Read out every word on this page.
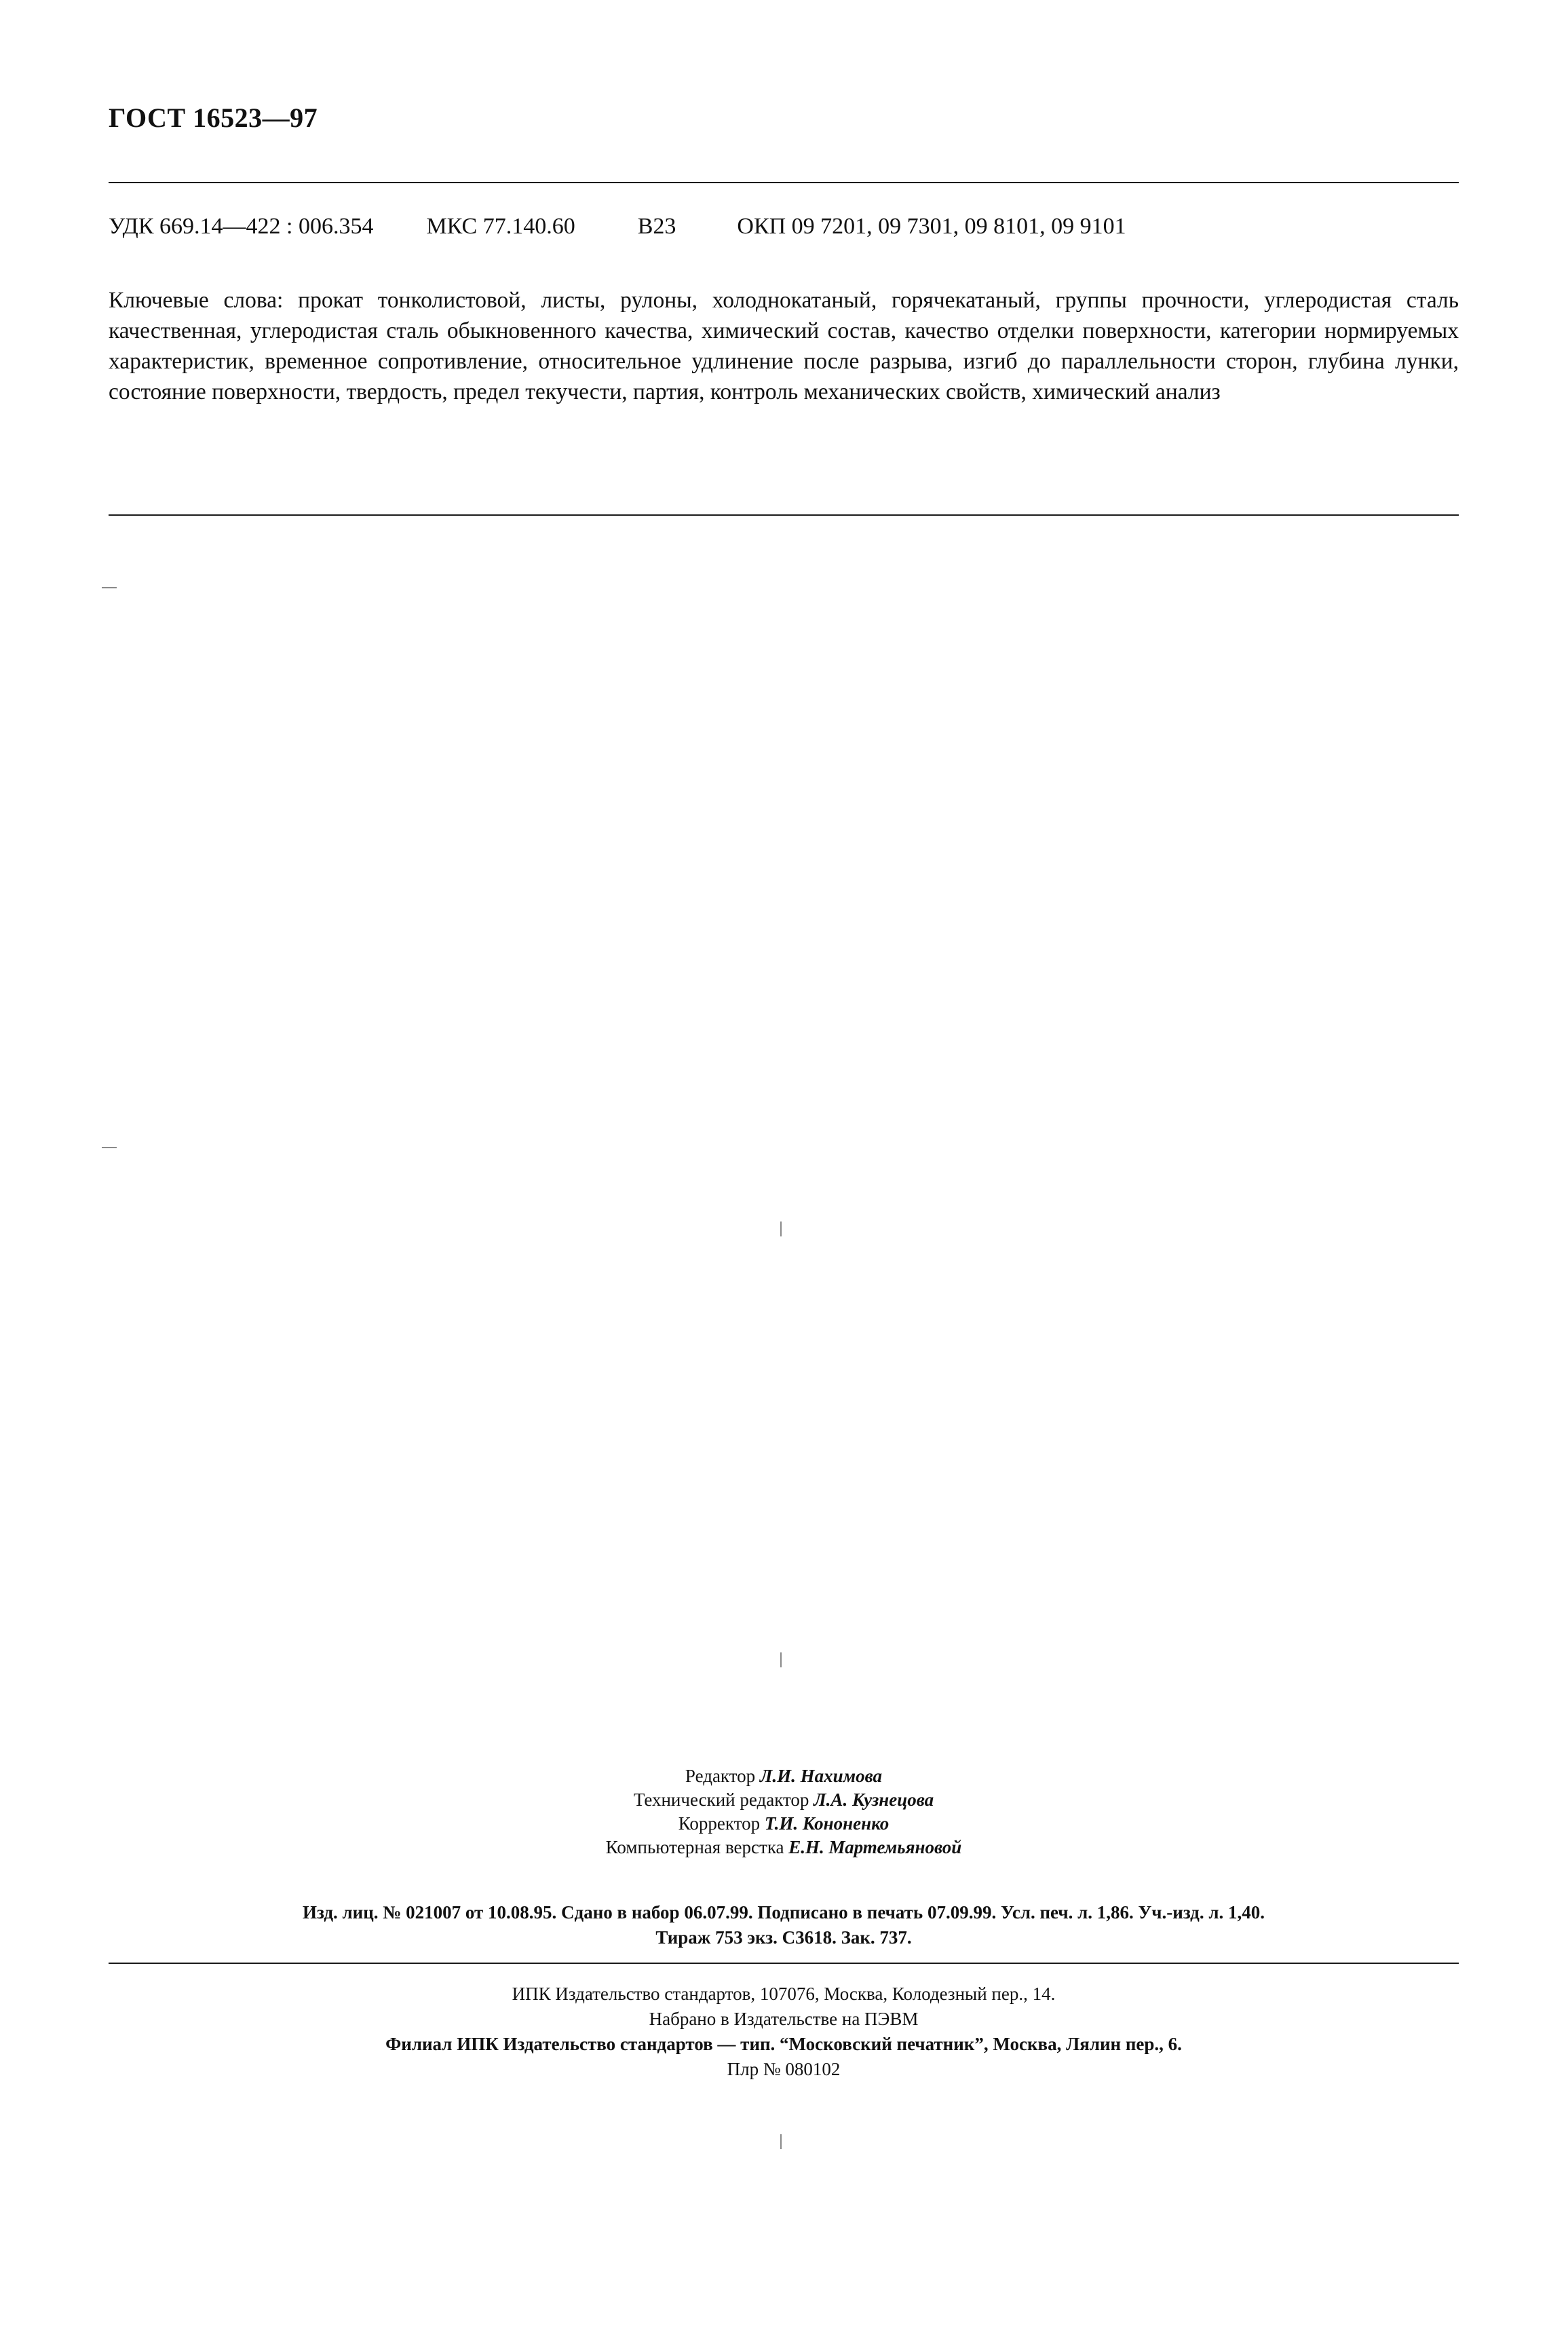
ГОСТ 16523—97
УДК 669.14—422 : 006.354 МКС 77.140.60	В23	ОКП 09 7201, 09 7301, 09 8101, 09 9101
Ключевые слова: прокат тонколистовой, листы, рулоны, холоднокатаный, горячекатаный, группы прочности, углеродистая сталь качественная, углеродистая сталь обыкновенного качества, химический состав, качество отделки поверхности, категории нормируемых характеристик, временное сопротивление, относительное удлинение после разрыва, изгиб до параллельности сторон, глубина лунки, состояние поверхности, твердость, предел текучести, партия, контроль механических свойств, химический анализ
Редактор Л.И. Нахимова
Технический редактор Л.А. Кузнецова
Корректор Т.И. Кононенко
Компьютерная верстка Е.Н. Мартемьяновой
Изд. лиц. № 021007 от 10.08.95. Сдано в набор 06.07.99. Подписано в печать 07.09.99. Усл. печ. л. 1,86. Уч.-изд. л. 1,40.
Тираж 753 экз. С3618. Зак. 737.
ИПК Издательство стандартов, 107076, Москва, Колодезный пер., 14.
Набрано в Издательстве на ПЭВМ
Филиал ИПК Издательство стандартов — тип. “Московский печатник”, Москва, Лялин пер., 6.
Плр № 080102
